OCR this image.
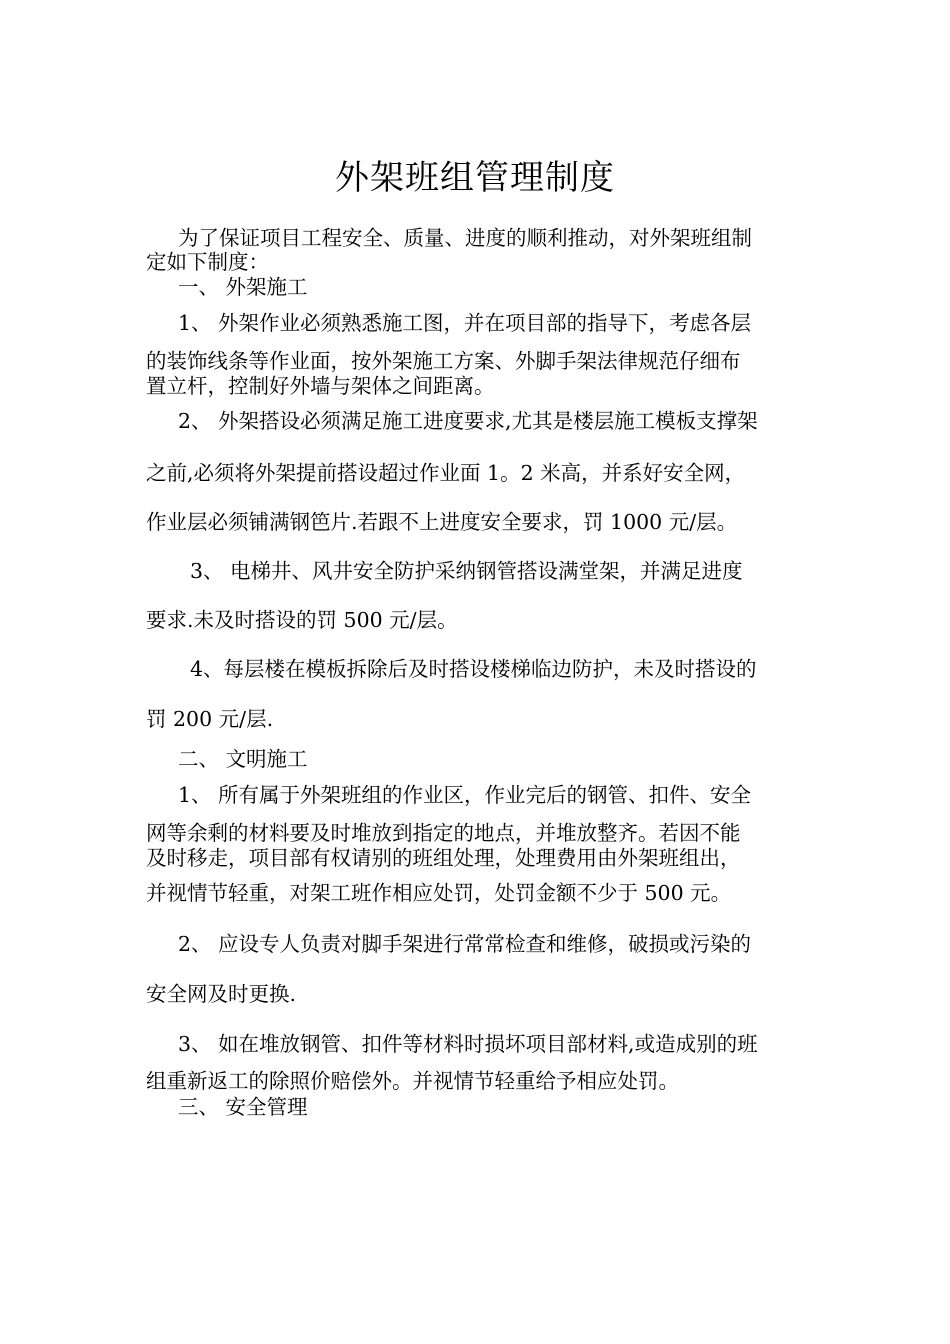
外架班组管理制度
为了保证项目工程安全、质量、进度的顺利推动，对外架班组制
定如下制度：
一、 外架施工
1、 外架作业必须熟悉施工图，并在项目部的指导下，考虑各层
的装饰线条等作业面，按外架施工方案、外脚手架法律规范仔细布
置立杆，控制好外墙与架体之间距离。
2、 外架搭设必须满足施工进度要求,尤其是楼层施工模板支撑架
之前,必须将外架提前搭设超过作业面 1。2 米高，并系好安全网，
作业层必须铺满钢笆片.若跟不上进度安全要求，罚 1000 元/层。
3、 电梯井、风井安全防护采纳钢管搭设满堂架，并满足进度
要求.未及时搭设的罚 500 元/层。
4、每层楼在模板拆除后及时搭设楼梯临边防护，未及时搭设的
罚 200 元/层.
二、 文明施工
1、 所有属于外架班组的作业区，作业完后的钢管、扣件、安全
网等余剩的材料要及时堆放到指定的地点，并堆放整齐。若因不能
及时移走，项目部有权请别的班组处理，处理费用由外架班组出，
并视情节轻重，对架工班作相应处罚，处罚金额不少于 500 元。
2、 应设专人负责对脚手架进行常常检查和维修，破损或污染的
安全网及时更换.
3、 如在堆放钢管、扣件等材料时损坏项目部材料,或造成别的班
组重新返工的除照价赔偿外。并视情节轻重给予相应处罚。
三、 安全管理
